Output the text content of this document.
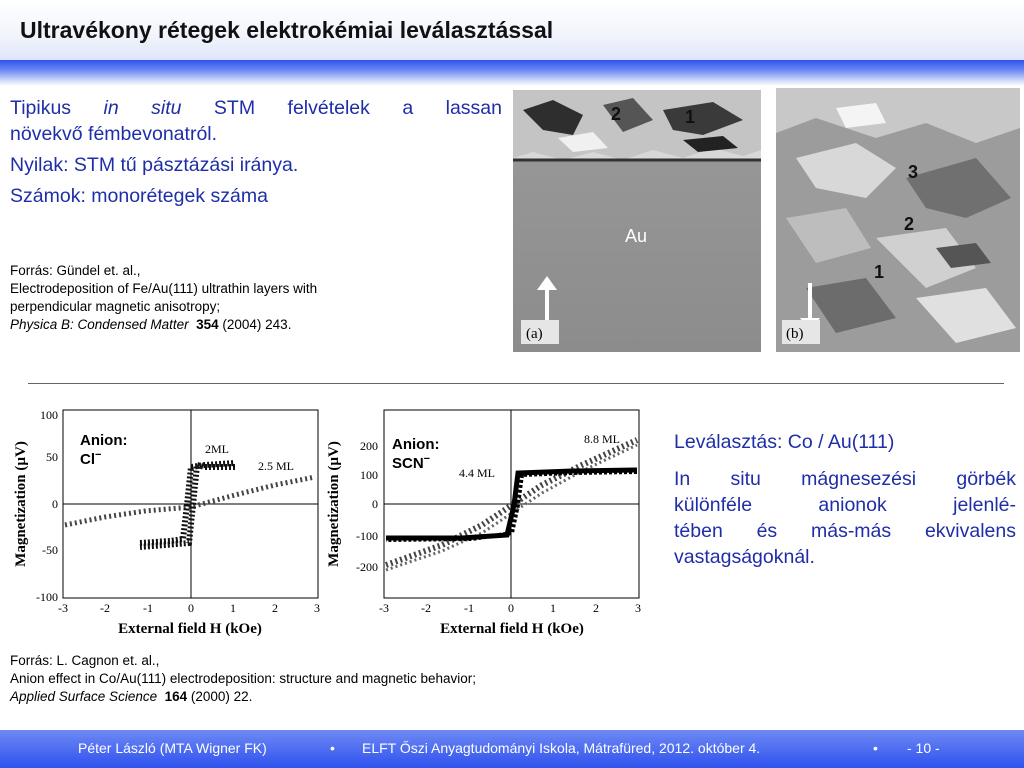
Ultravékony rétegek elektrokémiai leválasztással
Tipikus in situ STM felvételek a lassan
növekvő fémbevonatról.
Nyilak: STM tű pásztázási iránya.
Számok: monorétegek száma
Forrás: Gündel et. al.,
Electrodeposition of Fe/Au(111) ultrathin layers with
perpendicular magnetic anisotropy;
Physica B: Condensed Matter 354 (2004) 243.
2	1
Au
(a)
3
2
1
(b)
100
50
0
-50
-100
-3	-2	-1	0	1	2	3
External field H (kOe)
Magnetization (µV)	2ML
2.5 ML
Anion:
Cl−
200
100
0
-100
-200
-3	-2	-1	0	1	2	3
External field H (kOe)
Magnetization (µV)
8.8 ML
4.4 ML
Anion:
SCN−
Leválasztás: Co / Au(111)
In situ mágnesezési görbék
különféle anionok jelenlé-
tében és más-más ekvivalens
vastagságoknál.
Forrás: L. Cagnon et. al.,
Anion effect in Co/Au(111) electrodeposition: structure and magnetic behavior;
Applied Surface Science 164 (2000) 22.
Péter László (MTA Wigner FK)	• ELFT Őszi Anyagtudományi Iskola, Mátrafüred, 2012. október 4.	• - 10 -
